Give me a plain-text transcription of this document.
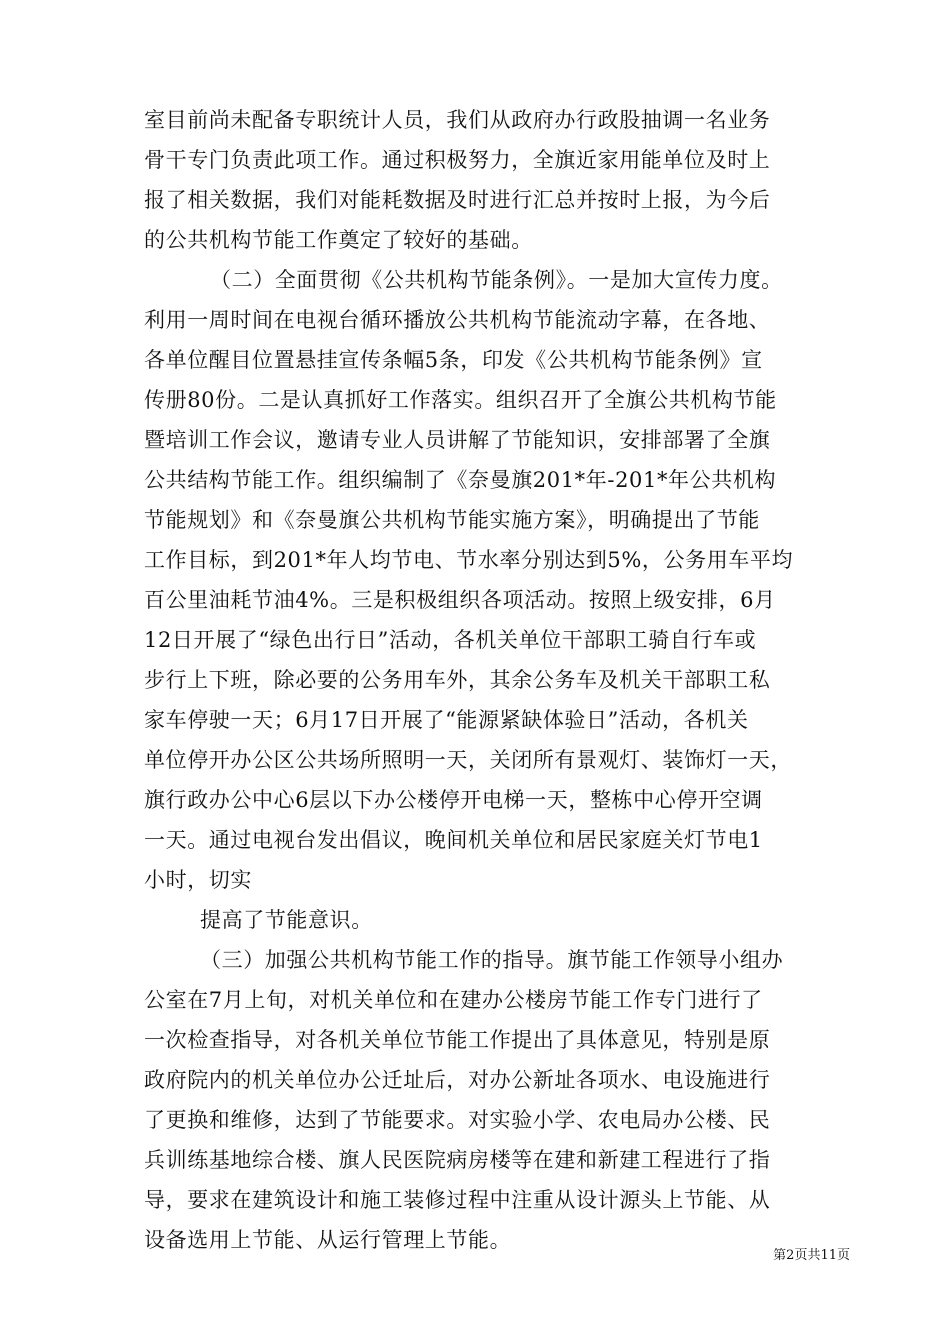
室目前尚未配备专职统计人员，我们从政府办行政股抽调一名业务
骨干专门负责此项工作。通过积极努力，全旗近家用能单位及时上
报了相关数据，我们对能耗数据及时进行汇总并按时上报，为今后
的公共机构节能工作奠定了较好的基础。
（二）全面贯彻《公共机构节能条例》。一是加大宣传力度。
利用一周时间在电视台循环播放公共机构节能流动字幕，在各地、
各单位醒目位置悬挂宣传条幅5条，印发《公共机构节能条例》宣
传册80份。二是认真抓好工作落实。组织召开了全旗公共机构节能
暨培训工作会议，邀请专业人员讲解了节能知识，安排部署了全旗
公共结构节能工作。组织编制了《奈曼旗201*年-201*年公共机构
节能规划》和《奈曼旗公共机构节能实施方案》，明确提出了节能
工作目标，到201*年人均节电、节水率分别达到5%，公务用车平均
百公里油耗节油4%。三是积极组织各项活动。按照上级安排，6月
12日开展了“绿色出行日”活动，各机关单位干部职工骑自行车或
步行上下班，除必要的公务用车外，其余公务车及机关干部职工私
家车停驶一天；6月17日开展了“能源紧缺体验日”活动，各机关
单位停开办公区公共场所照明一天，关闭所有景观灯、装饰灯一天，
旗行政办公中心6层以下办公楼停开电梯一天，整栋中心停开空调
一天。通过电视台发出倡议，晚间机关单位和居民家庭关灯节电1
小时，切实
提高了节能意识。
（三）加强公共机构节能工作的指导。旗节能工作领导小组办
公室在7月上旬，对机关单位和在建办公楼房节能工作专门进行了
一次检查指导，对各机关单位节能工作提出了具体意见，特别是原
政府院内的机关单位办公迁址后，对办公新址各项水、电设施进行
了更换和维修，达到了节能要求。对实验小学、农电局办公楼、民
兵训练基地综合楼、旗人民医院病房楼等在建和新建工程进行了指
导，要求在建筑设计和施工装修过程中注重从设计源头上节能、从
设备选用上节能、从运行管理上节能。
第2页共11页
